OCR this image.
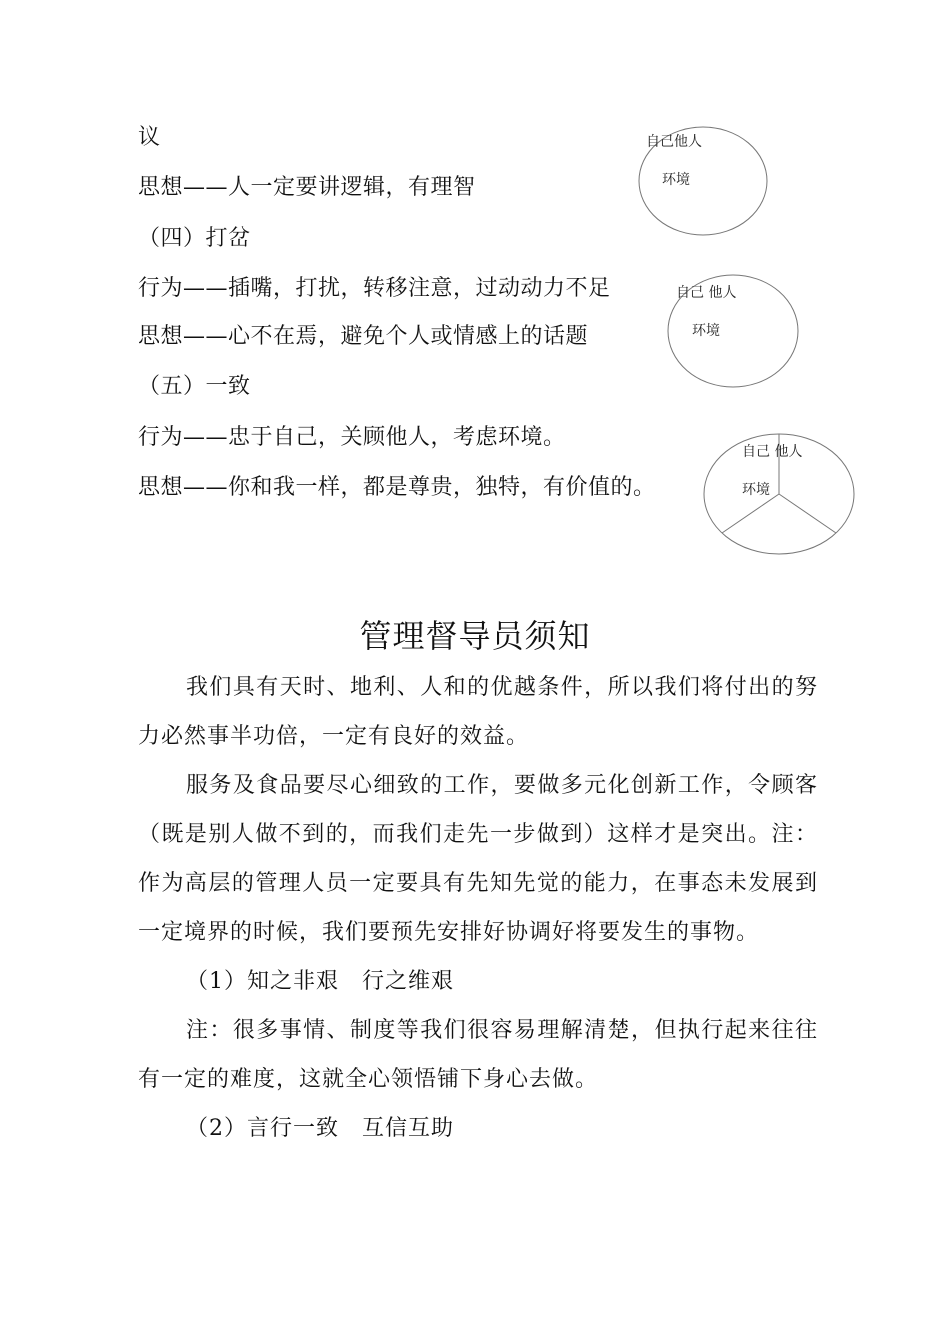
议
思想——人一定要讲逻辑，有理智
（四）打岔
行为——插嘴，打扰，转移注意，过动动力不足
思想——心不在焉，避免个人或情感上的话题
（五）一致
行为——忠于自己，关顾他人，考虑环境。
思想——你和我一样，都是尊贵，独特，有价值的。
自己他人
环境
自己 他人
环境
自己 他人
环境
管理督导员须知

我们具有天时、地利、人和的优越条件，所以我们将付出的努力必然事半功倍，一定有良好的效益。

服务及食品要尽心细致的工作，要做多元化创新工作，令顾客（既是别人做不到的，而我们走先一步做到）这样才是突出。注：作为高层的管理人员一定要具有先知先觉的能力，在事态未发展到一定境界的时候，我们要预先安排好协调好将要发生的事物。

（1）知之非艰　行之维艰

注：很多事情、制度等我们很容易理解清楚，但执行起来往往有一定的难度，这就全心领悟铺下身心去做。

（2）言行一致　互信互助
